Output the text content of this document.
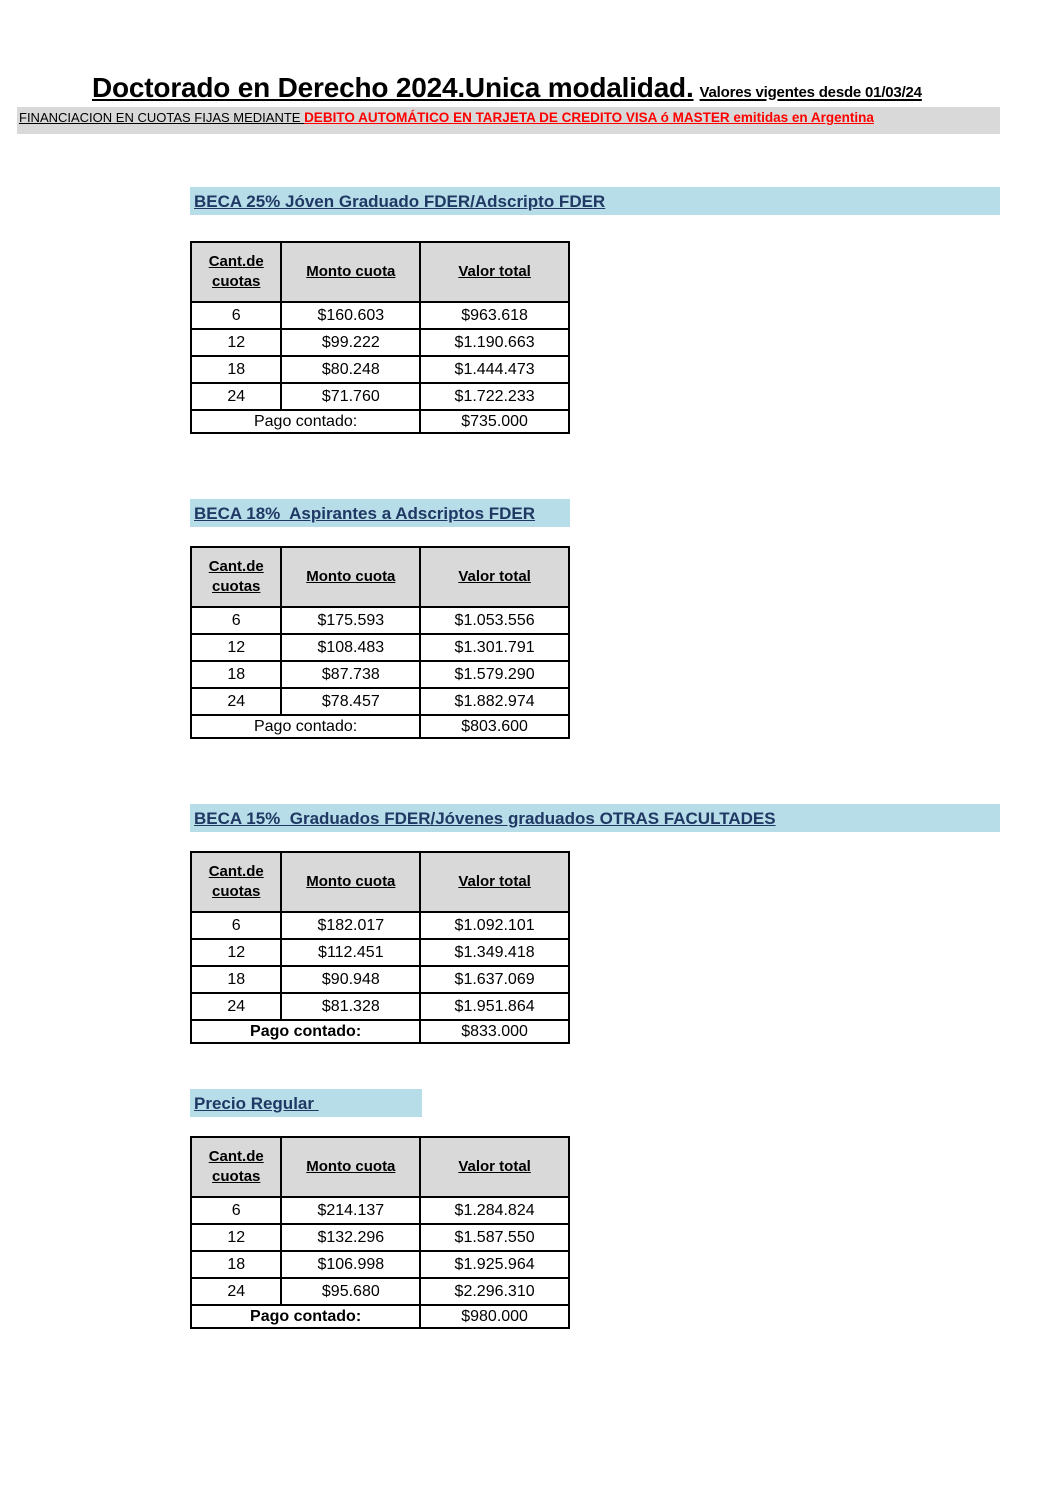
Doctorado en Derecho 2024.Unica modalidad. Valores vigentes desde 01/03/24
FINANCIACION EN CUOTAS FIJAS MEDIANTE DEBITO AUTOMÁTICO EN TARJETA DE CREDITO VISA ó MASTER emitidas en Argentina
BECA 25% Jóven Graduado FDER/Adscripto FDER
Cant.de cuotas	Monto cuota	Valor total
6	$160.603	$963.618
12	$99.222	$1.190.663
18	$80.248	$1.444.473
24	$71.760	$1.722.233
Pago contado:		$735.000
BECA 18%  Aspirantes a Adscriptos FDER
Cant.de cuotas	Monto cuota	Valor total
6	$175.593	$1.053.556
12	$108.483	$1.301.791
18	$87.738	$1.579.290
24	$78.457	$1.882.974
Pago contado:		$803.600
BECA 15%  Graduados FDER/Jóvenes graduados OTRAS FACULTADES
Cant.de cuotas	Monto cuota	Valor total
6	$182.017	$1.092.101
12	$112.451	$1.349.418
18	$90.948	$1.637.069
24	$81.328	$1.951.864
Pago contado:		$833.000
Precio Regular
Cant.de cuotas	Monto cuota	Valor total
6	$214.137	$1.284.824
12	$132.296	$1.587.550
18	$106.998	$1.925.964
24	$95.680	$2.296.310
Pago contado:		$980.000
